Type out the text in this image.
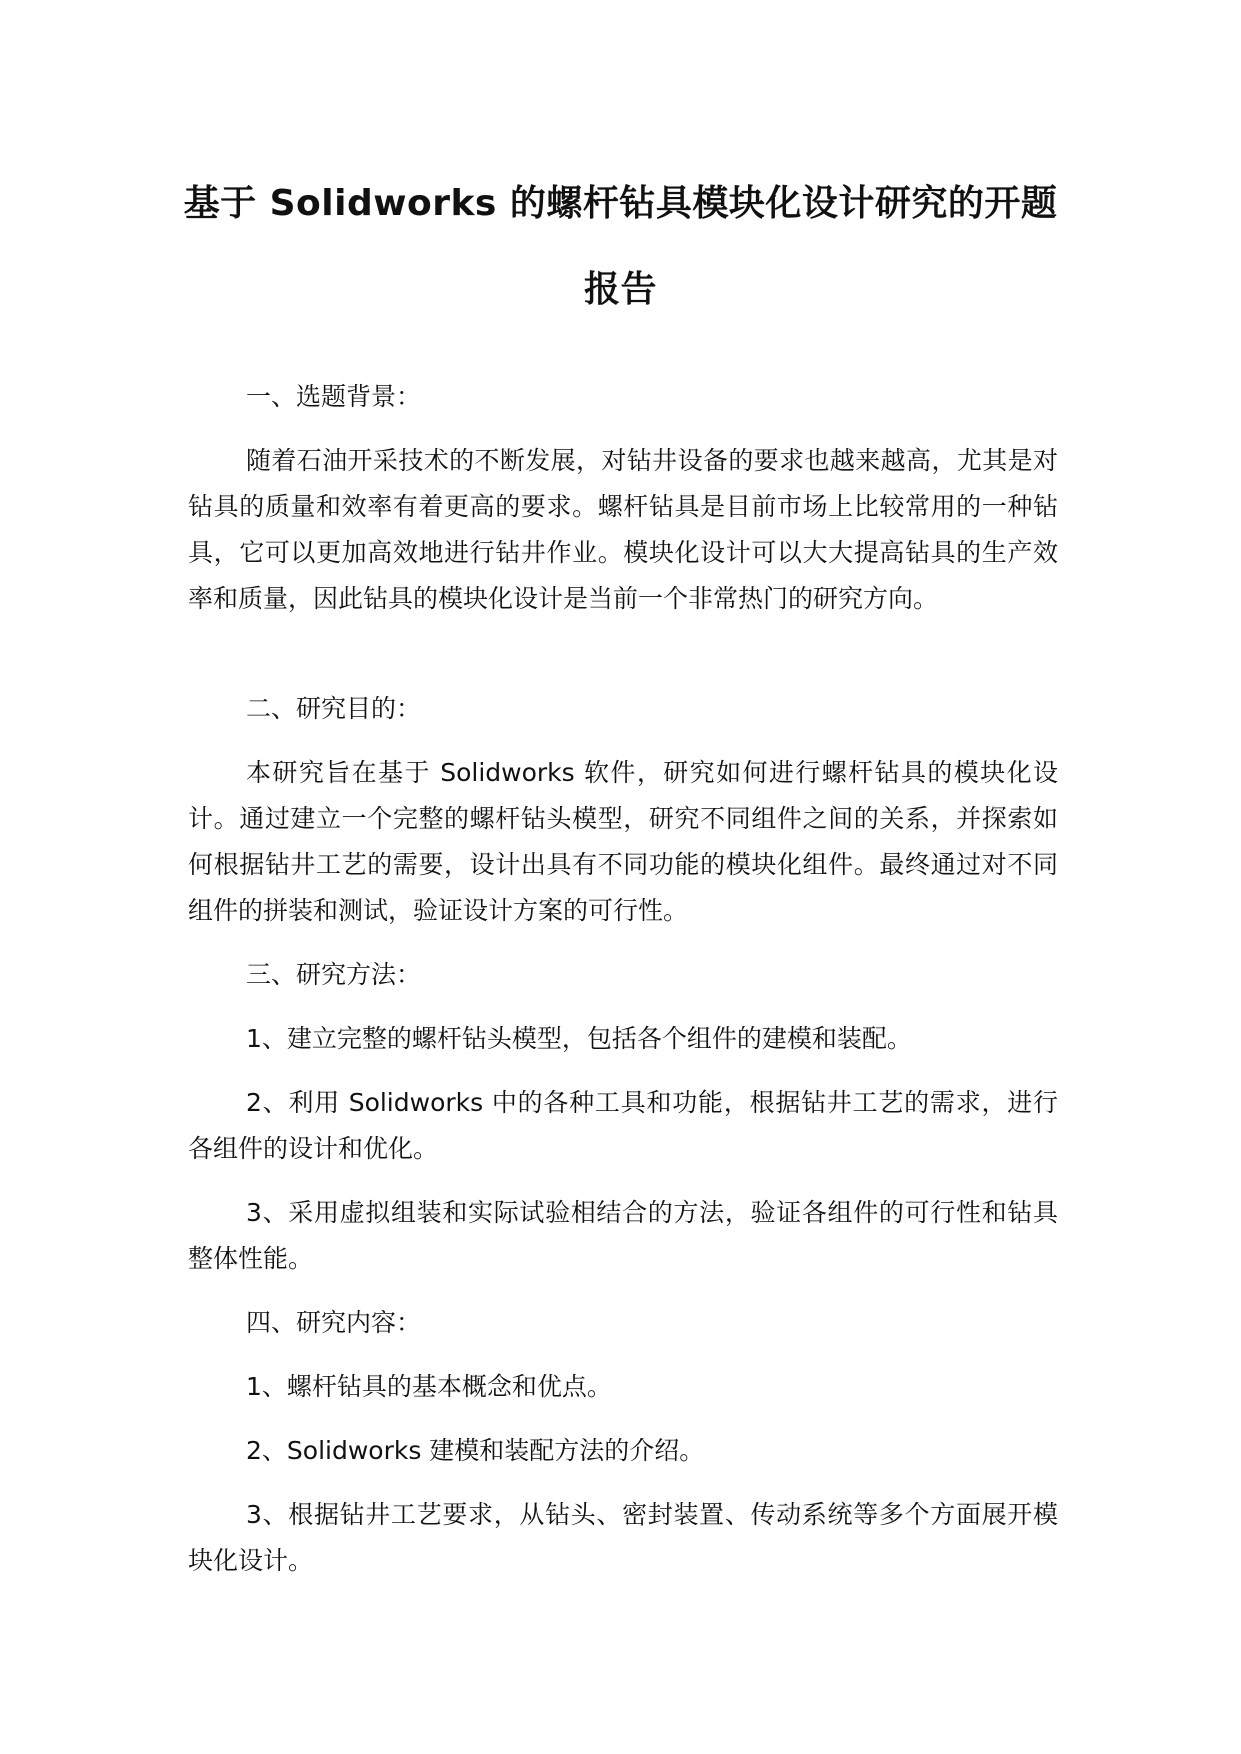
基于 Solidworks 的螺杆钻具模块化设计研究的开题
报告

一、选题背景：

随着石油开采技术的不断发展，对钻井设备的要求也越来越高，尤其是对钻具的质量和效率有着更高的要求。螺杆钻具是目前市场上比较常用的一种钻具，它可以更加高效地进行钻井作业。模块化设计可以大大提高钻具的生产效率和质量，因此钻具的模块化设计是当前一个非常热门的研究方向。

二、研究目的：

本研究旨在基于 Solidworks 软件，研究如何进行螺杆钻具的模块化设计。通过建立一个完整的螺杆钻头模型，研究不同组件之间的关系，并探索如何根据钻井工艺的需要，设计出具有不同功能的模块化组件。最终通过对不同组件的拼装和测试，验证设计方案的可行性。

三、研究方法：

1、建立完整的螺杆钻头模型，包括各个组件的建模和装配。

2、利用 Solidworks 中的各种工具和功能，根据钻井工艺的需求，进行各组件的设计和优化。

3、采用虚拟组装和实际试验相结合的方法，验证各组件的可行性和钻具整体性能。

四、研究内容：

1、螺杆钻具的基本概念和优点。

2、Solidworks 建模和装配方法的介绍。

3、根据钻井工艺要求，从钻头、密封装置、传动系统等多个方面展开模块化设计。
